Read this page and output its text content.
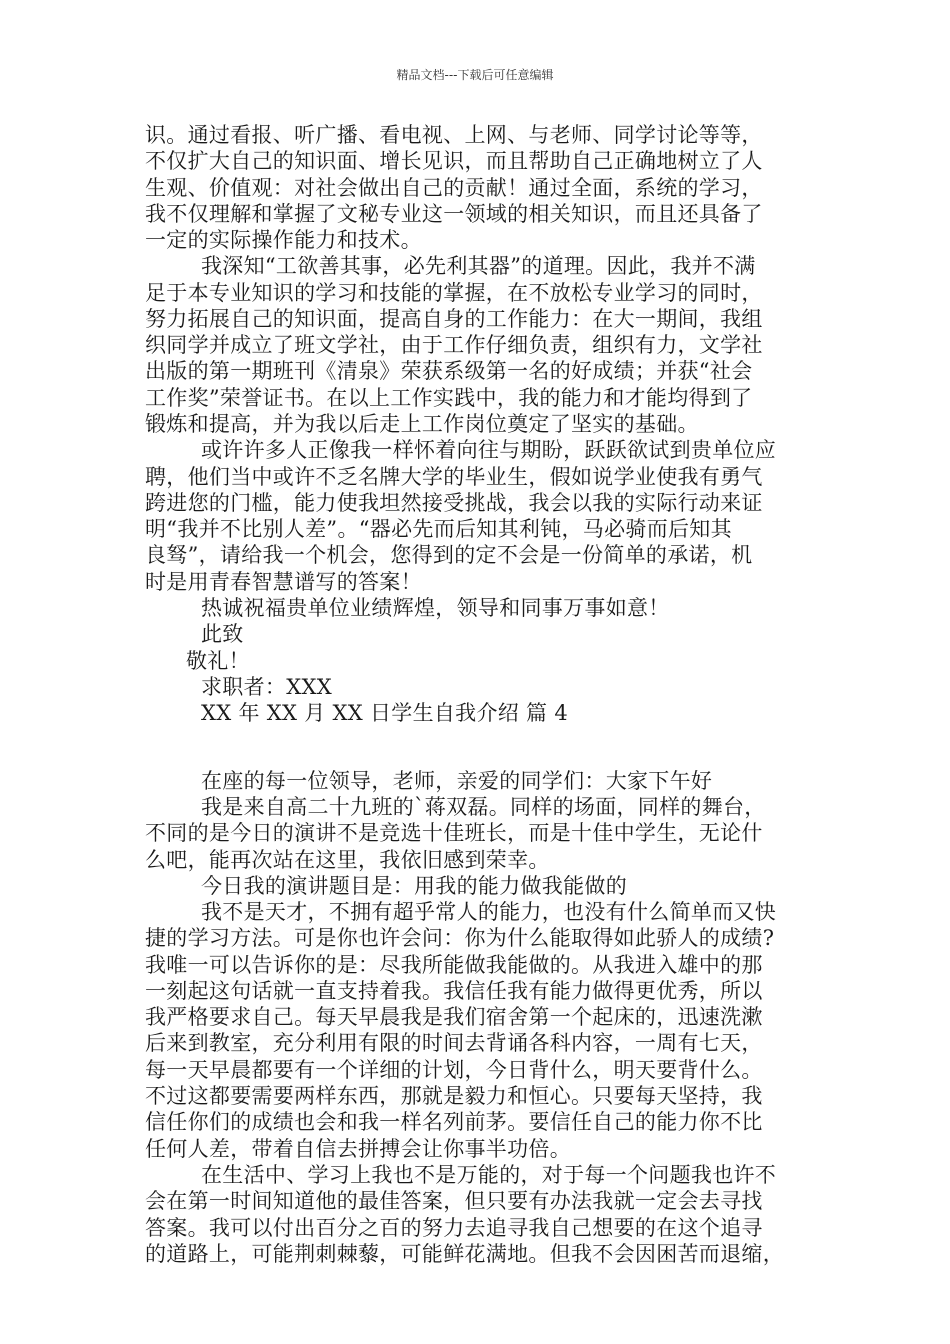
精品文档---下载后可任意编辑
识。通过看报、听广播、看电视、上网、与老师、同学讨论等等，
不仅扩大自己的知识面、增长见识，而且帮助自己正确地树立了人
生观、价值观：对社会做出自己的贡献！通过全面，系统的学习，
我不仅理解和掌握了文秘专业这一领域的相关知识，而且还具备了
一定的实际操作能力和技术。
我深知“工欲善其事，必先利其器”的道理。因此，我并不满
足于本专业知识的学习和技能的掌握，在不放松专业学习的同时，
努力拓展自己的知识面，提高自身的工作能力：在大一期间，我组
织同学并成立了班文学社，由于工作仔细负责，组织有力，文学社
出版的第一期班刊《清泉》荣获系级第一名的好成绩；并获“社会
工作奖”荣誉证书。在以上工作实践中，我的能力和才能均得到了
锻炼和提高，并为我以后走上工作岗位奠定了坚实的基础。
或许许多人正像我一样怀着向往与期盼，跃跃欲试到贵单位应
聘，他们当中或许不乏名牌大学的毕业生，假如说学业使我有勇气
跨进您的门槛，能力使我坦然接受挑战，我会以我的实际行动来证
明“我并不比别人差”。“器必先而后知其利钝，马必骑而后知其
良驽”，请给我一个机会，您得到的定不会是一份简单的承诺，机
时是用青春智慧谱写的答案！
热诚祝福贵单位业绩辉煌，领导和同事万事如意！
此致
敬礼！
求职者：XXX
XX 年 XX 月 XX 日学生自我介绍 篇 4
在座的每一位领导，老师，亲爱的同学们：大家下午好
我是来自高二十九班的`蒋双磊。同样的场面，同样的舞台，
不同的是今日的演讲不是竞选十佳班长，而是十佳中学生，无论什
么吧，能再次站在这里，我依旧感到荣幸。
今日我的演讲题目是：用我的能力做我能做的
我不是天才，不拥有超乎常人的能力，也没有什么简单而又快
捷的学习方法。可是你也许会问：你为什么能取得如此骄人的成绩?
我唯一可以告诉你的是：尽我所能做我能做的。从我进入雄中的那
一刻起这句话就一直支持着我。我信任我有能力做得更优秀，所以
我严格要求自己。每天早晨我是我们宿舍第一个起床的，迅速洗漱
后来到教室，充分利用有限的时间去背诵各科内容，一周有七天，
每一天早晨都要有一个详细的计划，今日背什么，明天要背什么。
不过这都要需要两样东西，那就是毅力和恒心。只要每天坚持，我
信任你们的成绩也会和我一样名列前茅。要信任自己的能力你不比
任何人差，带着自信去拼搏会让你事半功倍。
在生活中、学习上我也不是万能的，对于每一个问题我也许不
会在第一时间知道他的最佳答案，但只要有办法我就一定会去寻找
答案。我可以付出百分之百的努力去追寻我自己想要的在这个追寻
的道路上，可能荆刺棘藜，可能鲜花满地。但我不会因困苦而退缩，
